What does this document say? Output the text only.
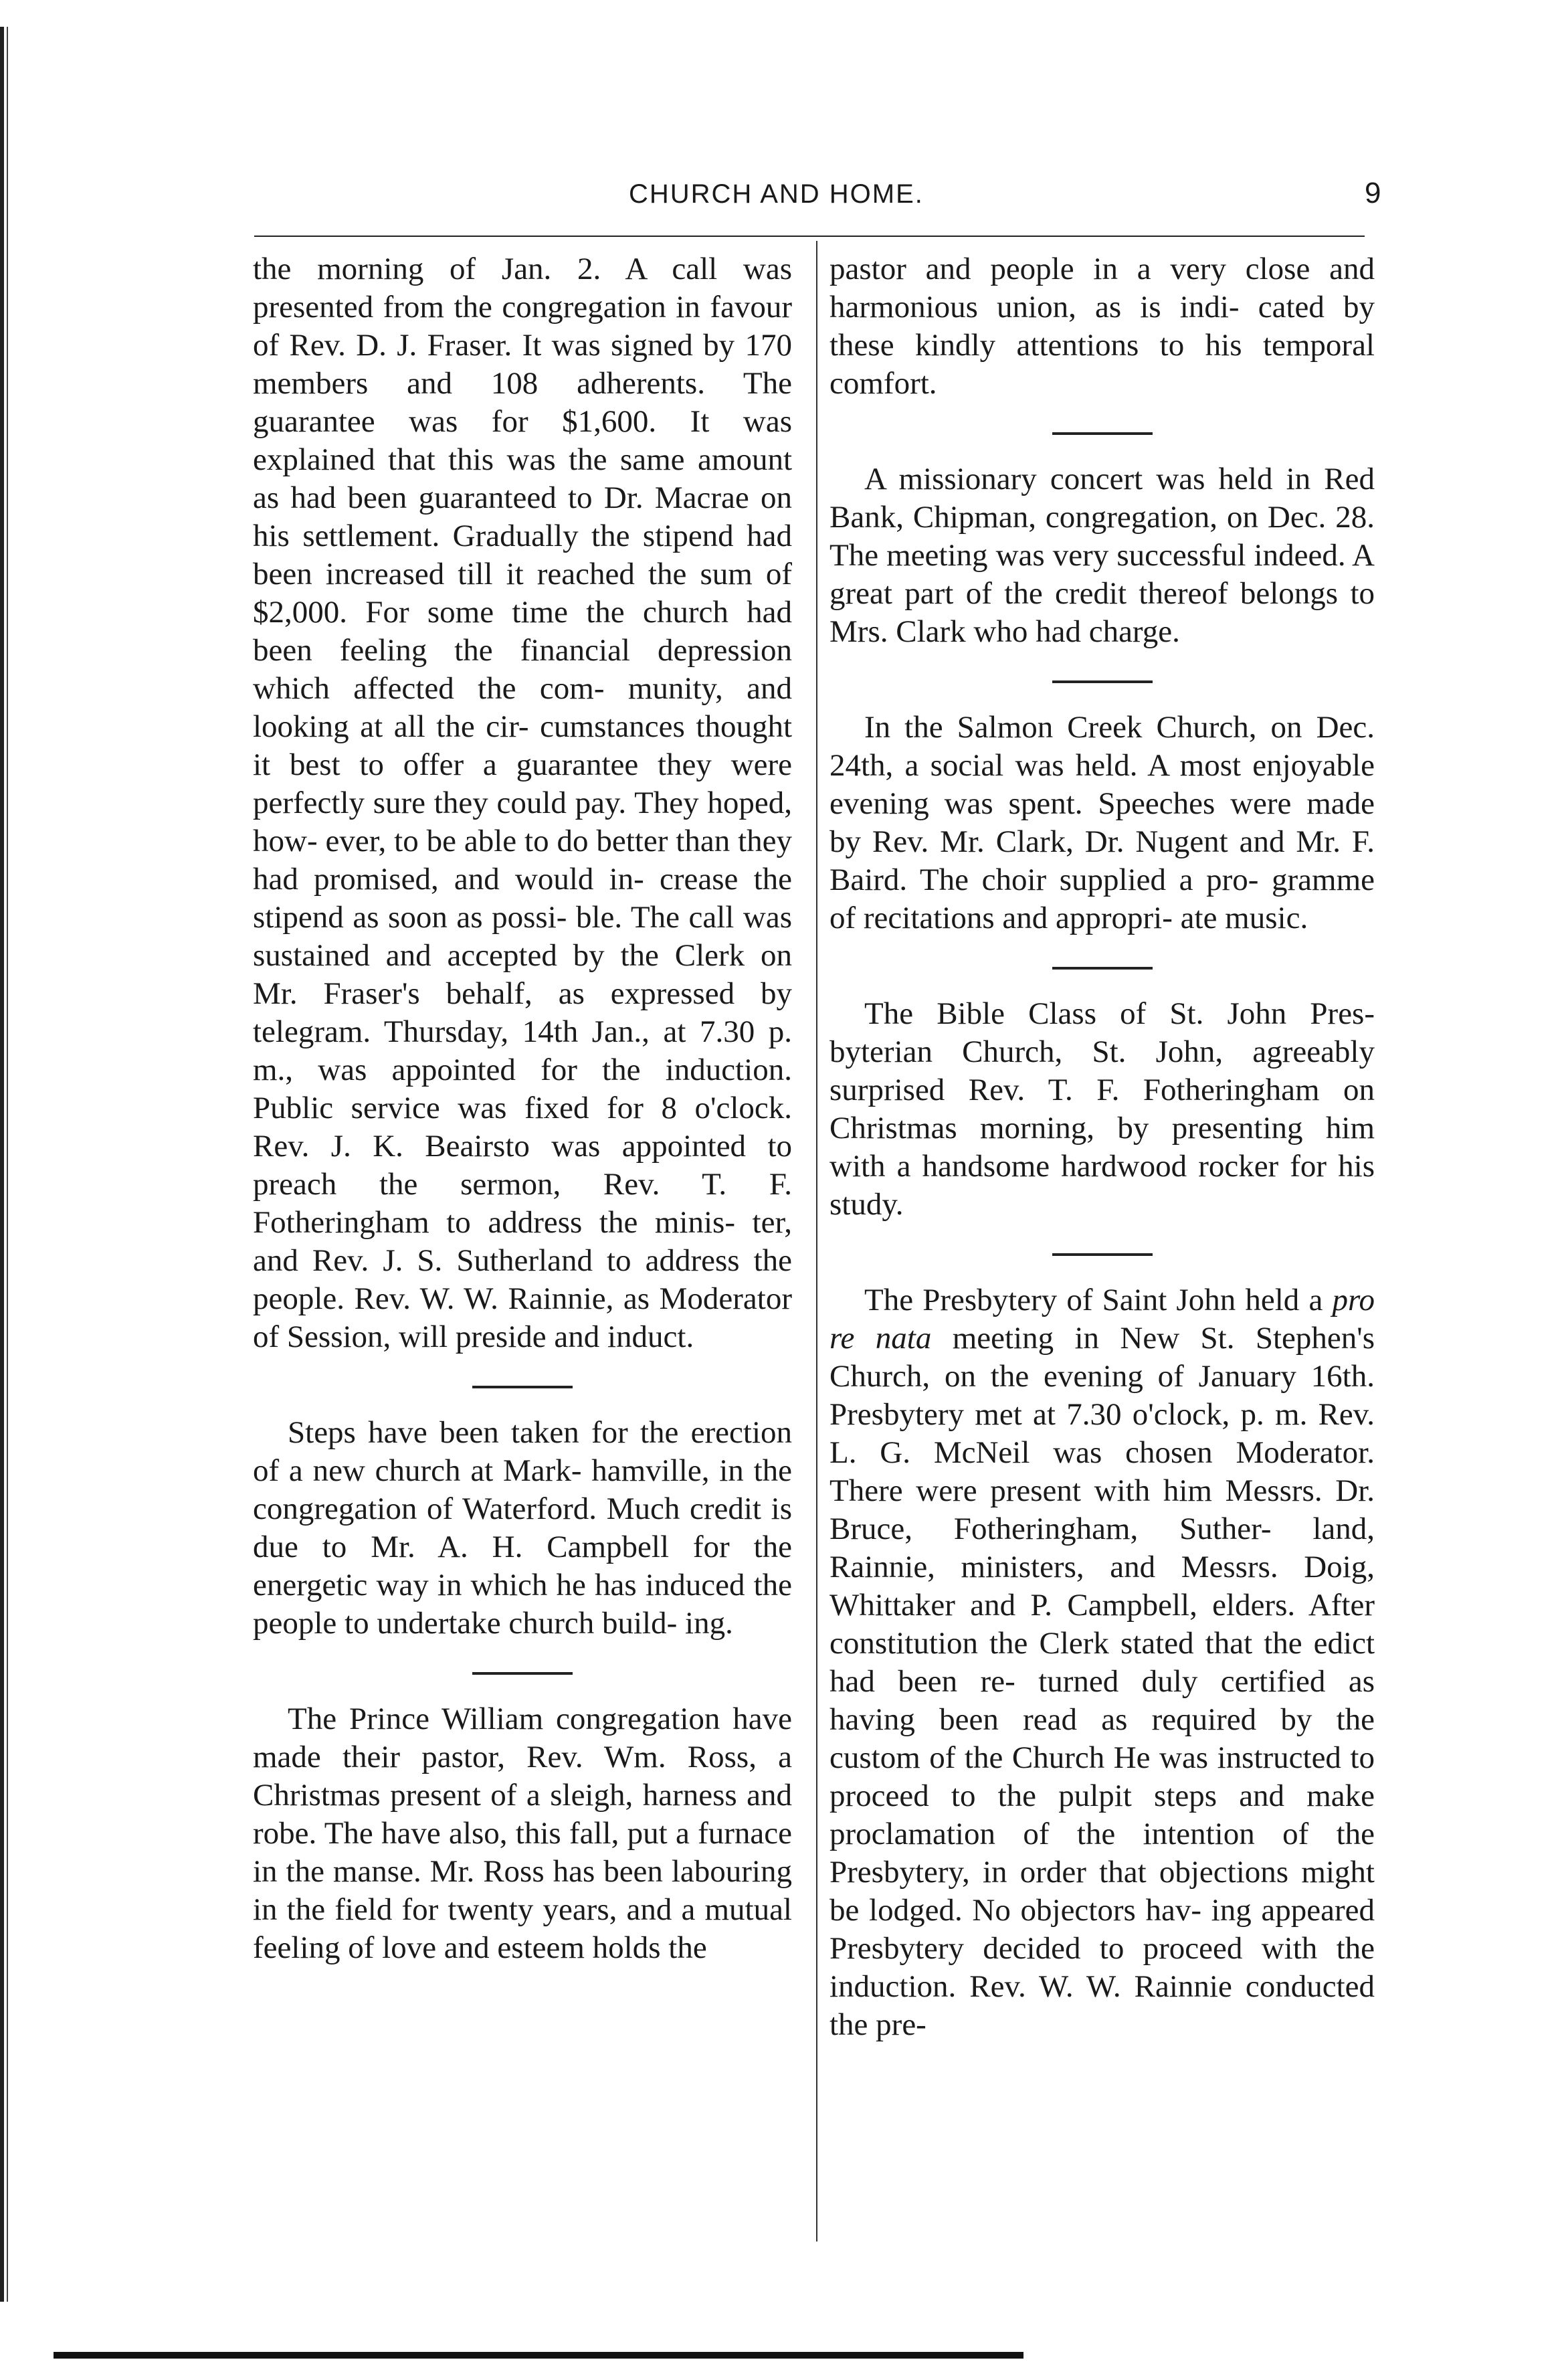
CHURCH AND HOME.	9

the morning of Jan. 2. A call was presented from the congregation in favour of Rev. D. J. Fraser. It was signed by 170 members and 108 adherents. The guarantee was for $1,600. It was explained that this was the same amount as had been guaranteed to Dr. Macrae on his settlement. Gradually the stipend had been increased till it reached the sum of $2,000. For some time the church had been feeling the financial depression which affected the com- munity, and looking at all the cir- cumstances thought it best to offer a guarantee they were perfectly sure they could pay. They hoped, how- ever, to be able to do better than they had promised, and would in- crease the stipend as soon as possi- ble. The call was sustained and accepted by the Clerk on Mr. Fraser's behalf, as expressed by telegram. Thursday, 14th Jan., at 7.30 p. m., was appointed for the induction. Public service was fixed for 8 o'clock. Rev. J. K. Beairsto was appointed to preach the sermon, Rev. T. F. Fotheringham to address the minis- ter, and Rev. J. S. Sutherland to address the people. Rev. W. W. Rainnie, as Moderator of Session, will preside and induct.

Steps have been taken for the erection of a new church at Mark- hamville, in the congregation of Waterford. Much credit is due to Mr. A. H. Campbell for the energetic way in which he has induced the people to undertake church build- ing.

The Prince William congregation have made their pastor, Rev. Wm. Ross, a Christmas present of a sleigh, harness and robe. The have also, this fall, put a furnace in the manse. Mr. Ross has been labouring in the field for twenty years, and a mutual feeling of love and esteem holds the

pastor and people in a very close and harmonious union, as is indi- cated by these kindly attentions to his temporal comfort.

A missionary concert was held in Red Bank, Chipman, congregation, on Dec. 28. The meeting was very successful indeed. A great part of the credit thereof belongs to Mrs. Clark who had charge.

In the Salmon Creek Church, on Dec. 24th, a social was held. A most enjoyable evening was spent. Speeches were made by Rev. Mr. Clark, Dr. Nugent and Mr. F. Baird. The choir supplied a pro- gramme of recitations and appropri- ate music.

The Bible Class of St. John Pres- byterian Church, St. John, agreeably surprised Rev. T. F. Fotheringham on Christmas morning, by presenting him with a handsome hardwood rocker for his study.

The Presbytery of Saint John held a pro re nata meeting in New St. Stephen's Church, on the evening of January 16th. Presbytery met at 7.30 o'clock, p. m. Rev. L. G. McNeil was chosen Moderator. There were present with him Messrs. Dr. Bruce, Fotheringham, Suther- land, Rainnie, ministers, and Messrs. Doig, Whittaker and P. Campbell, elders. After constitution the Clerk stated that the edict had been re- turned duly certified as having been read as required by the custom of the Church He was instructed to proceed to the pulpit steps and make proclamation of the intention of the Presbytery, in order that objections might be lodged. No objectors hav- ing appeared Presbytery decided to proceed with the induction. Rev. W. W. Rainnie conducted the pre-
